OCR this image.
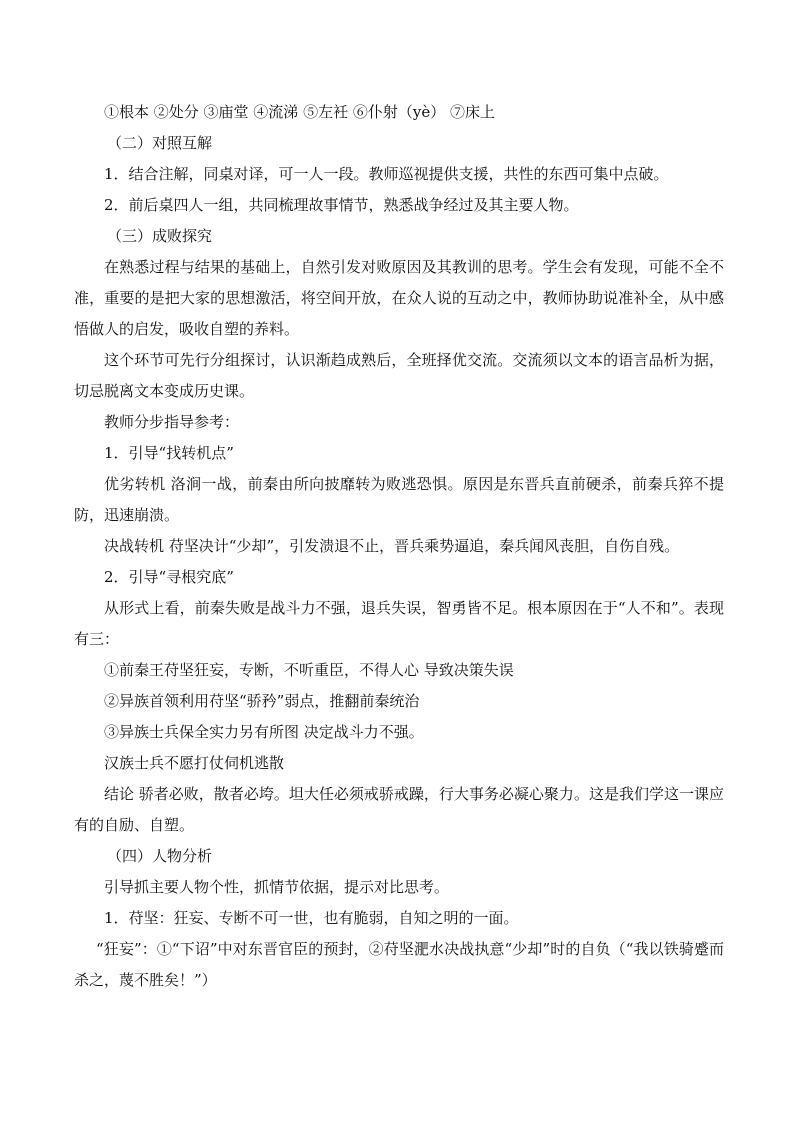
①根本 ②处分 ③庙堂 ④流涕 ⑤左衽 ⑥仆射（yè） ⑦床上
（二）对照互解
1．结合注解，同桌对译，可一人一段。教师巡视提供支援，共性的东西可集中点破。
2．前后桌四人一组，共同梳理故事情节，熟悉战争经过及其主要人物。
（三）成败探究
在熟悉过程与结果的基础上，自然引发对败原因及其教训的思考。学生会有发现，可能不全不准，重要的是把大家的思想激活，将空间开放，在众人说的互动之中，教师协助说准补全，从中感悟做人的启发，吸收自塑的养料。
这个环节可先行分组探讨，认识渐趋成熟后，全班择优交流。交流须以文本的语言品析为据，切忌脱离文本变成历史课。
教师分步指导参考：
1．引导“找转机点”
优劣转机 洛涧一战，前秦由所向披靡转为败逃恐惧。原因是东晋兵直前硬杀，前秦兵猝不提防，迅速崩溃。
决战转机 苻坚决计“少却”，引发溃退不止，晋兵乘势逼追，秦兵闻风丧胆，自伤自残。
2．引导“寻根究底”
从形式上看，前秦失败是战斗力不强，退兵失误，智勇皆不足。根本原因在于“人不和”。表现有三：
①前秦王苻坚狂妄，专断，不听重臣，不得人心 导致决策失误
②异族首领利用苻坚“骄矜”弱点，推翻前秦统治
③异族士兵保全实力另有所图 决定战斗力不强。
汉族士兵不愿打仗伺机逃散
结论 骄者必败，散者必垮。坦大任必须戒骄戒躁，行大事务必凝心聚力。这是我们学这一课应有的自励、自塑。
（四）人物分析
引导抓主要人物个性，抓情节依据，提示对比思考。
1．苻坚：狂妄、专断不可一世，也有脆弱，自知之明的一面。
“狂妄”：①“下诏”中对东晋官臣的预封，②苻坚淝水决战执意“少却”时的自负（“我以铁骑蹙而杀之，蔑不胜矣！”）
